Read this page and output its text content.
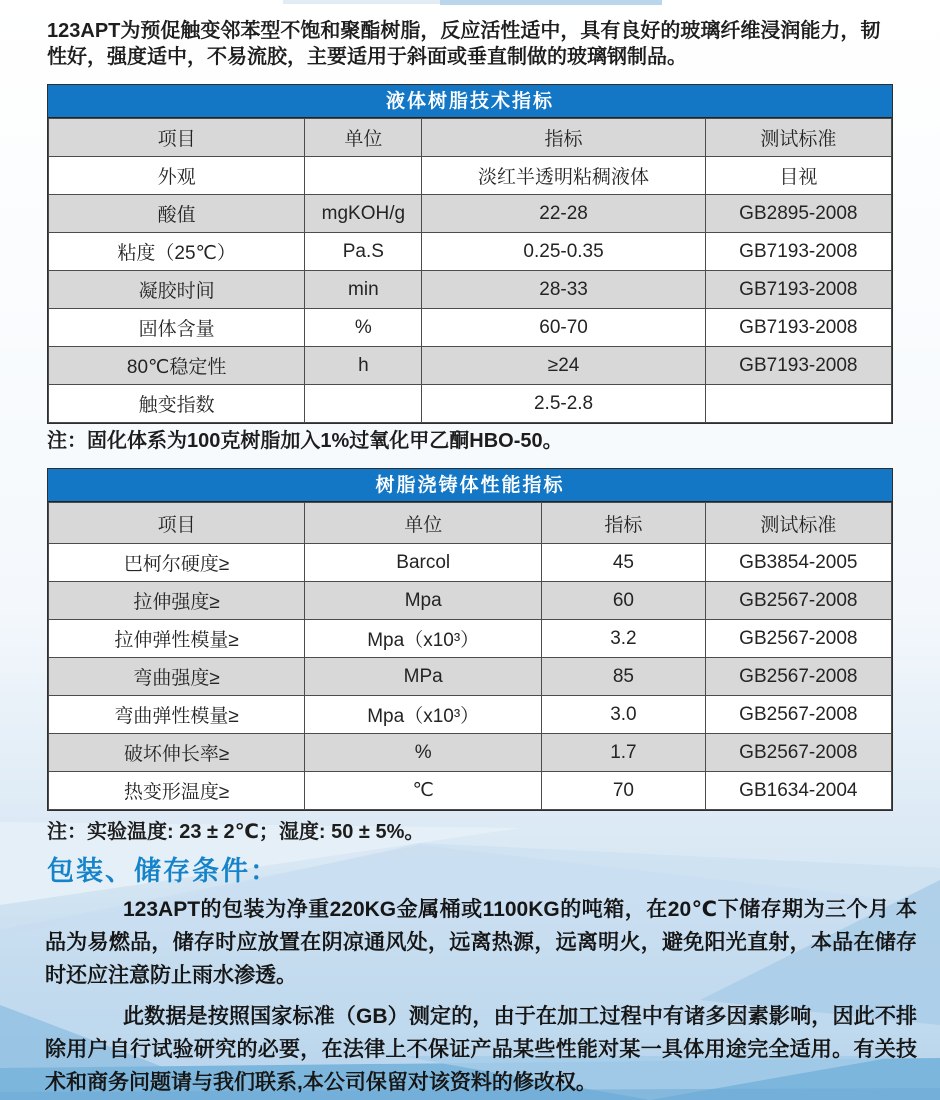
123APT为预促触变邻苯型不饱和聚酯树脂，反应活性适中，具有良好的玻璃纤维浸润能力，韧性好，强度适中，不易流胶，主要适用于斜面或垂直制做的玻璃钢制品。

液体树脂技术指标
项目	单位	指标	测试标准
外观		淡红半透明粘稠液体	目视
酸值	mgKOH/g	22-28	GB2895-2008
粘度（25℃）	Pa.S	0.25-0.35	GB7193-2008
凝胶时间	min	28-33	GB7193-2008
固体含量	%	60-70	GB7193-2008
80℃稳定性	h	≥24	GB7193-2008
触变指数		2.5-2.8	

注：固化体系为100克树脂加入1%过氧化甲乙酮HBO-50。

树脂浇铸体性能指标
项目	单位	指标	测试标准
巴柯尔硬度≥	Barcol	45	GB3854-2005
拉伸强度≥	Mpa	60	GB2567-2008
拉伸弹性模量≥	Mpa（x10³）	3.2	GB2567-2008
弯曲强度≥	MPa	85	GB2567-2008
弯曲弹性模量≥	Mpa（x10³）	3.0	GB2567-2008
破坏伸长率≥	%	1.7	GB2567-2008
热变形温度≥	℃	70	GB1634-2004

注：实验温度: 23 ± 2℃；湿度: 50 ± 5%。

包装、储存条件：

123APT的包装为净重220KG金属桶或1100KG的吨箱，在20℃下储存期为三个月 本品为易燃品，储存时应放置在阴凉通风处，远离热源，远离明火，避免阳光直射，本品在储存时还应注意防止雨水渗透。

此数据是按照国家标准（GB）测定的，由于在加工过程中有诸多因素影响，因此不排除用户自行试验研究的必要，在法律上不保证产品某些性能对某一具体用途完全适用。有关技术和商务问题请与我们联系,本公司保留对该资料的修改权。
